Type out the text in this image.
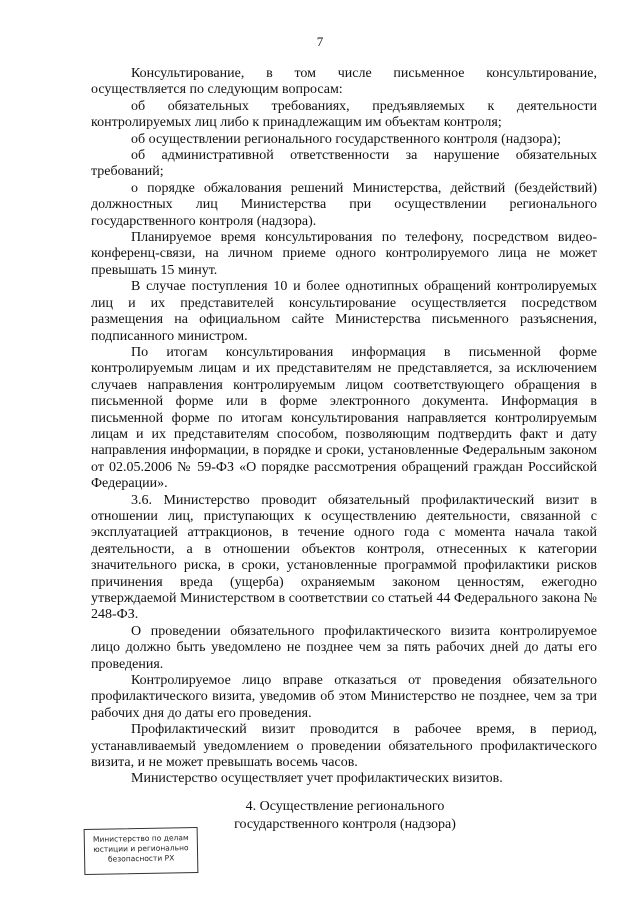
7

Консультирование, в том числе письменное консультирование, осуществляется по следующим вопросам:

об обязательных требованиях, предъявляемых к деятельности контролируемых лиц либо к принадлежащим им объектам контроля;

об осуществлении регионального государственного контроля (надзора);

об административной ответственности за нарушение обязательных требований;

о порядке обжалования решений Министерства, действий (бездействий) должностных лиц Министерства при осуществлении регионального государственного контроля (надзора).

Планируемое время консультирования по телефону, посредством видео-конференц-связи, на личном приеме одного контролируемого лица не может превышать 15 минут.

В случае поступления 10 и более однотипных обращений контролируемых лиц и их представителей консультирование осуществляется посредством размещения на официальном сайте Министерства письменного разъяснения, подписанного министром.

По итогам консультирования информация в письменной форме контролируемым лицам и их представителям не представляется, за исключением случаев направления контролируемым лицом соответствующего обращения в письменной форме или в форме электронного документа. Информация в письменной форме по итогам консультирования направляется контролируемым лицам и их представителям способом, позволяющим подтвердить факт и дату направления информации, в порядке и сроки, установленные Федеральным законом от 02.05.2006 № 59-ФЗ «О порядке рассмотрения обращений граждан Российской Федерации».

3.6. Министерство проводит обязательный профилактический визит в отношении лиц, приступающих к осуществлению деятельности, связанной с эксплуатацией аттракционов, в течение одного года с момента начала такой деятельности, а в отношении объектов контроля, отнесенных к категории значительного риска, в сроки, установленные программой профилактики рисков причинения вреда (ущерба) охраняемым законом ценностям, ежегодно утверждаемой Министерством в соответствии со статьей 44 Федерального закона № 248-ФЗ.

О проведении обязательного профилактического визита контролируемое лицо должно быть уведомлено не позднее чем за пять рабочих дней до даты его проведения.

Контролируемое лицо вправе отказаться от проведения обязательного профилактического визита, уведомив об этом Министерство не позднее, чем за три рабочих дня до даты его проведения.

Профилактический визит проводится в рабочее время, в период, устанавливаемый уведомлением о проведении обязательного профилактического визита, и не может превышать восемь часов.

Министерство осуществляет учет профилактических визитов.

4. Осуществление регионального
государственного контроля (надзора)
Министерство по делам
юстиции и регионально
безопасности РХ
